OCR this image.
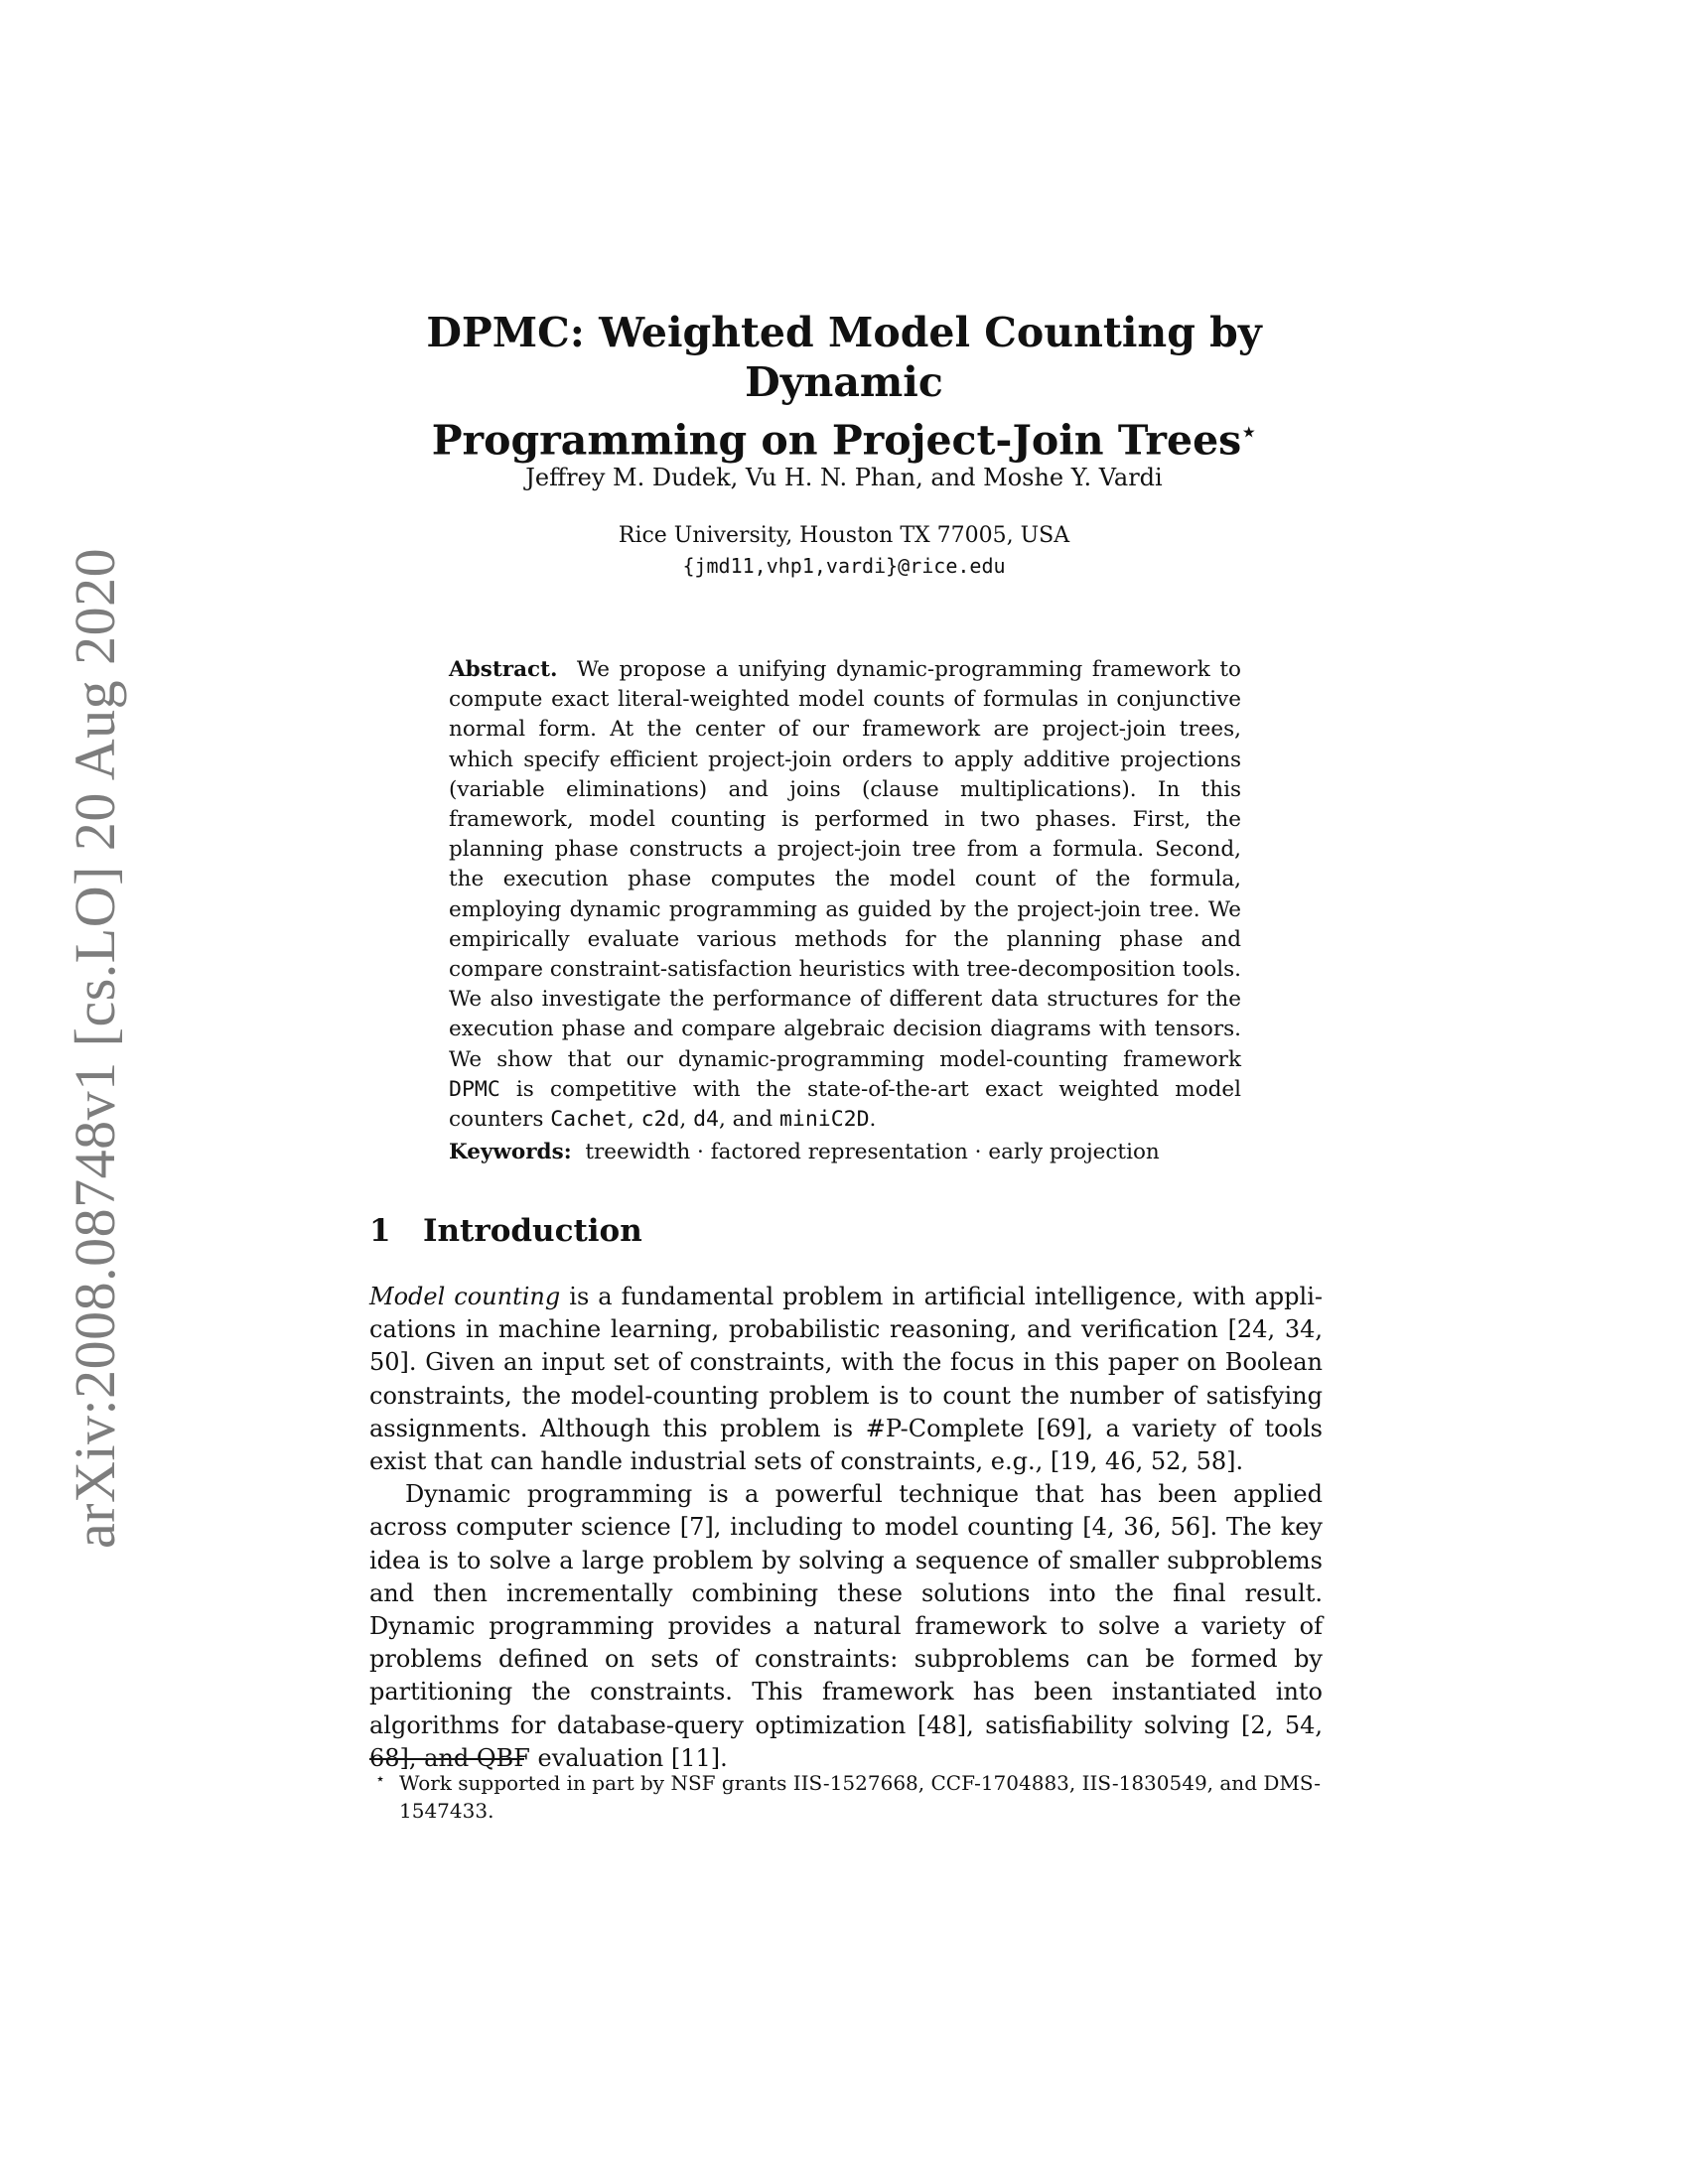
arXiv:2008.08748v1 [cs.LO] 20 Aug 2020
DPMC: Weighted Model Counting by Dynamic
Programming on Project-Join Trees⋆

Jeffrey M. Dudek, Vu H. N. Phan, and Moshe Y. Vardi

Rice University, Houston TX 77005, USA
{jmd11,vhp1,vardi}@rice.edu

Abstract. We propose a unifying dynamic-programming framework to compute exact literal-weighted model counts of formulas in conjunctive normal form. At the center of our framework are project-join trees, which specify efficient project-join orders to apply additive projections (variable eliminations) and joins (clause multiplications). In this framework, model counting is performed in two phases. First, the planning phase constructs a project-join tree from a formula. Second, the execution phase computes the model count of the formula, employing dynamic programming as guided by the project-join tree. We empirically evaluate various methods for the planning phase and compare constraint-satisfaction heuristics with tree-decomposition tools. We also investigate the performance of different data structures for the execution phase and compare algebraic decision diagrams with tensors. We show that our dynamic-programming model-counting framework DPMC is competitive with the state-of-the-art exact weighted model counters Cachet, c2d, d4, and miniC2D.

Keywords: treewidth · factored representation · early projection

1 Introduction

Model counting is a fundamental problem in artificial intelligence, with applications in machine learning, probabilistic reasoning, and verification [24, 34, 50]. Given an input set of constraints, with the focus in this paper on Boolean constraints, the model-counting problem is to count the number of satisfying assignments. Although this problem is #P-Complete [69], a variety of tools exist that can handle industrial sets of constraints, e.g., [19, 46, 52, 58].

Dynamic programming is a powerful technique that has been applied across computer science [7], including to model counting [4, 36, 56]. The key idea is to solve a large problem by solving a sequence of smaller subproblems and then incrementally combining these solutions into the final result. Dynamic programming provides a natural framework to solve a variety of problems defined on sets of constraints: subproblems can be formed by partitioning the constraints. This framework has been instantiated into algorithms for database-query optimization [48], satisfiability solving [2, 54, 68], and QBF evaluation [11].

⋆ Work supported in part by NSF grants IIS-1527668, CCF-1704883, IIS-1830549, and DMS-1547433.
